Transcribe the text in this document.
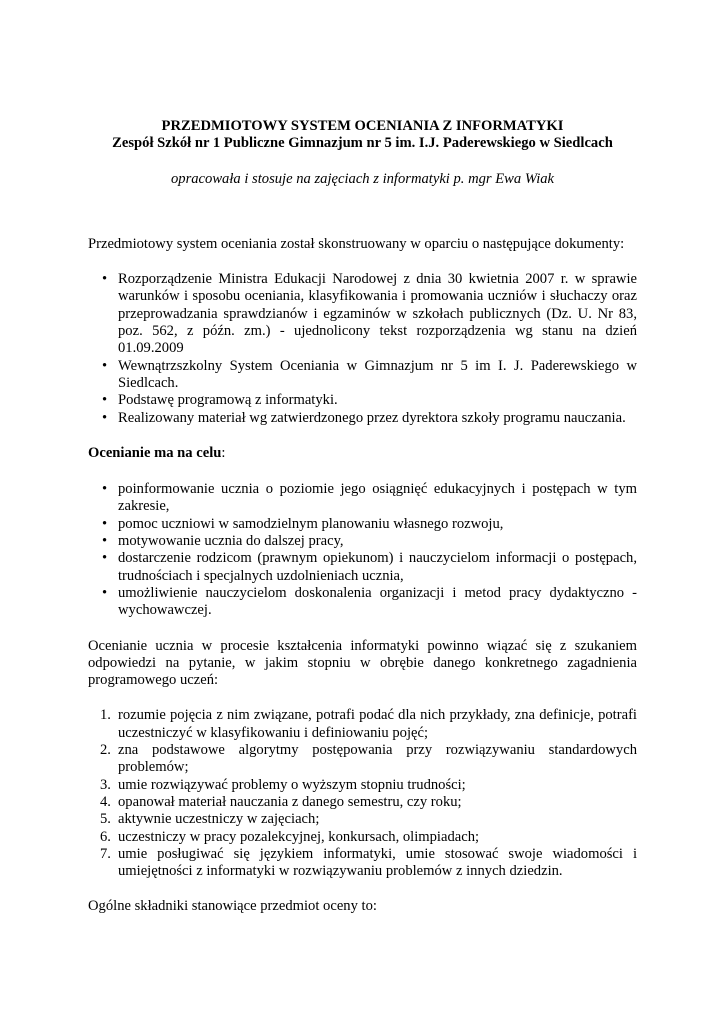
PRZEDMIOTOWY SYSTEM OCENIANIA Z INFORMATYKI

Zespół Szkół nr 1 Publiczne Gimnazjum nr 5 im. I.J. Paderewskiego w Siedlcach

opracowała i stosuje na zajęciach z informatyki p. mgr Ewa Wiak

Przedmiotowy system oceniania został skonstruowany w oparciu o następujące dokumenty:

• Rozporządzenie Ministra Edukacji Narodowej z dnia 30 kwietnia 2007 r. w sprawie warunków i sposobu oceniania, klasyfikowania i promowania uczniów i słuchaczy oraz przeprowadzania sprawdzianów i egzaminów w szkołach publicznych (Dz. U. Nr 83, poz. 562, z późn. zm.) - ujednolicony tekst rozporządzenia wg stanu na dzień 01.09.2009
• Wewnątrzszkolny System Oceniania w Gimnazjum nr 5 im I. J. Paderewskiego w Siedlcach.
• Podstawę programową z informatyki.
• Realizowany materiał wg zatwierdzonego przez dyrektora szkoły programu nauczania.

Ocenianie ma na celu:

• poinformowanie ucznia o poziomie jego osiągnięć edukacyjnych i postępach w tym zakresie,
• pomoc uczniowi w samodzielnym planowaniu własnego rozwoju,
• motywowanie ucznia do dalszej pracy,
• dostarczenie rodzicom (prawnym opiekunom) i nauczycielom informacji o postępach, trudnościach i specjalnych uzdolnieniach ucznia,
• umożliwienie nauczycielom doskonalenia organizacji i metod pracy dydaktyczno - wychowawczej.

Ocenianie ucznia w procesie kształcenia informatyki powinno wiązać się z szukaniem odpowiedzi na pytanie, w jakim stopniu w obrębie danego konkretnego zagadnienia programowego uczeń:

1. rozumie pojęcia z nim związane, potrafi podać dla nich przykłady, zna definicje, potrafi uczestniczyć w klasyfikowaniu i definiowaniu pojęć;
2. zna podstawowe algorytmy postępowania przy rozwiązywaniu standardowych problemów;
3. umie rozwiązywać problemy o wyższym stopniu trudności;
4. opanował materiał nauczania z danego semestru, czy roku;
5. aktywnie uczestniczy w zajęciach;
6. uczestniczy w pracy pozalekcyjnej, konkursach, olimpiadach;
7. umie posługiwać się językiem informatyki, umie stosować swoje wiadomości i umiejętności z informatyki w rozwiązywaniu problemów z innych dziedzin.

Ogólne składniki stanowiące przedmiot oceny to:
